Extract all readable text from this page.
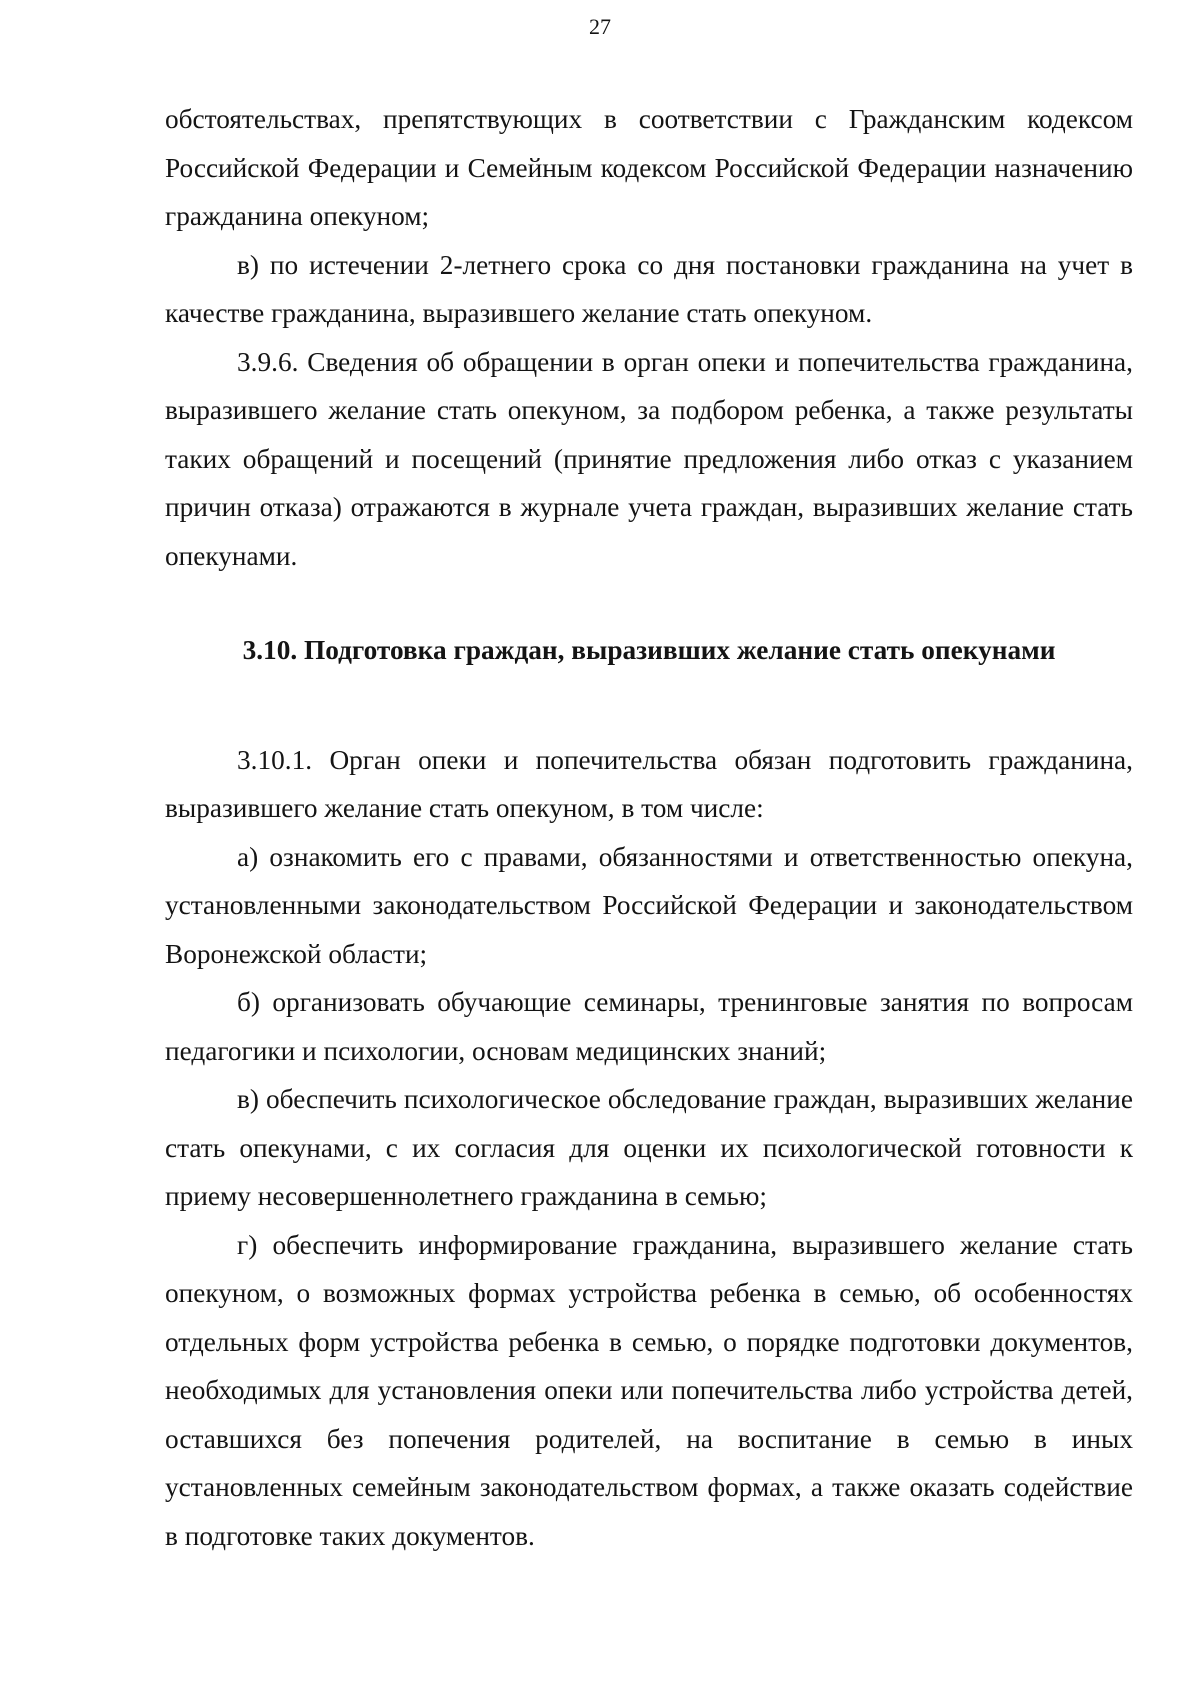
27

обстоятельствах, препятствующих в соответствии с Гражданским кодексом Российской Федерации и Семейным кодексом Российской Федерации назначению гражданина опекуном;

в) по истечении 2-летнего срока со дня постановки гражданина на учет в качестве гражданина, выразившего желание стать опекуном.

3.9.6. Сведения об обращении в орган опеки и попечительства гражданина, выразившего желание стать опекуном, за подбором ребенка, а также результаты таких обращений и посещений (принятие предложения либо отказ с указанием причин отказа) отражаются в журнале учета граждан, выразивших желание стать опекунами.

3.10. Подготовка граждан, выразивших желание стать опекунами

3.10.1. Орган опеки и попечительства обязан подготовить гражданина, выразившего желание стать опекуном, в том числе:

а) ознакомить его с правами, обязанностями и ответственностью опекуна, установленными законодательством Российской Федерации и законодательством Воронежской области;

б) организовать обучающие семинары, тренинговые занятия по вопросам педагогики и психологии, основам медицинских знаний;

в) обеспечить психологическое обследование граждан, выразивших желание стать опекунами, с их согласия для оценки их психологической готовности к приему несовершеннолетнего гражданина в семью;

г) обеспечить информирование гражданина, выразившего желание стать опекуном, о возможных формах устройства ребенка в семью, об особенностях отдельных форм устройства ребенка в семью, о порядке подготовки документов, необходимых для установления опеки или попечительства либо устройства детей, оставшихся без попечения родителей, на воспитание в семью в иных установленных семейным законодательством формах, а также оказать содействие в подготовке таких документов.
